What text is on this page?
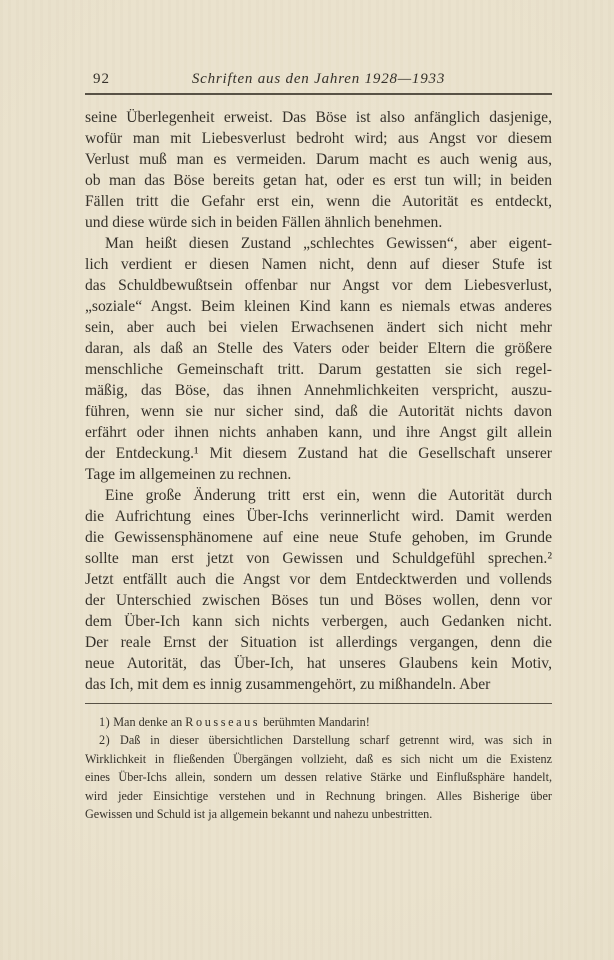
92	Schriften aus den Jahren 1928—1933
seine Überlegenheit erweist. Das Böse ist also anfänglich dasjenige,
wofür man mit Liebesverlust bedroht wird; aus Angst vor diesem
Verlust muß man es vermeiden. Darum macht es auch wenig aus,
ob man das Böse bereits getan hat, oder es erst tun will; in beiden
Fällen tritt die Gefahr erst ein, wenn die Autorität es entdeckt,
und diese würde sich in beiden Fällen ähnlich benehmen.
Man heißt diesen Zustand „schlechtes Gewissen“, aber eigent-
lich verdient er diesen Namen nicht, denn auf dieser Stufe ist
das Schuldbewußtsein offenbar nur Angst vor dem Liebesverlust,
„soziale“ Angst. Beim kleinen Kind kann es niemals etwas anderes
sein, aber auch bei vielen Erwachsenen ändert sich nicht mehr
daran, als daß an Stelle des Vaters oder beider Eltern die größere
menschliche Gemeinschaft tritt. Darum gestatten sie sich regel-
mäßig, das Böse, das ihnen Annehmlichkeiten verspricht, auszu-
führen, wenn sie nur sicher sind, daß die Autorität nichts davon
erfährt oder ihnen nichts anhaben kann, und ihre Angst gilt allein
der Entdeckung.¹ Mit diesem Zustand hat die Gesellschaft unserer
Tage im allgemeinen zu rechnen.
Eine große Änderung tritt erst ein, wenn die Autorität durch
die Aufrichtung eines Über-Ichs verinnerlicht wird. Damit werden
die Gewissensphänomene auf eine neue Stufe gehoben, im Grunde
sollte man erst jetzt von Gewissen und Schuldgefühl sprechen.²
Jetzt entfällt auch die Angst vor dem Entdecktwerden und vollends
der Unterschied zwischen Böses tun und Böses wollen, denn vor
dem Über-Ich kann sich nichts verbergen, auch Gedanken nicht.
Der reale Ernst der Situation ist allerdings vergangen, denn die
neue Autorität, das Über-Ich, hat unseres Glaubens kein Motiv,
das Ich, mit dem es innig zusammengehört, zu mißhandeln. Aber
1) Man denke an Rousseaus berühmten Mandarin!
2) Daß in dieser übersichtlichen Darstellung scharf getrennt wird, was sich in
Wirklichkeit in fließenden Übergängen vollzieht, daß es sich nicht um die Existenz
eines Über-Ichs allein, sondern um dessen relative Stärke und Einflußsphäre handelt,
wird jeder Einsichtige verstehen und in Rechnung bringen. Alles Bisherige über
Gewissen und Schuld ist ja allgemein bekannt und nahezu unbestritten.
